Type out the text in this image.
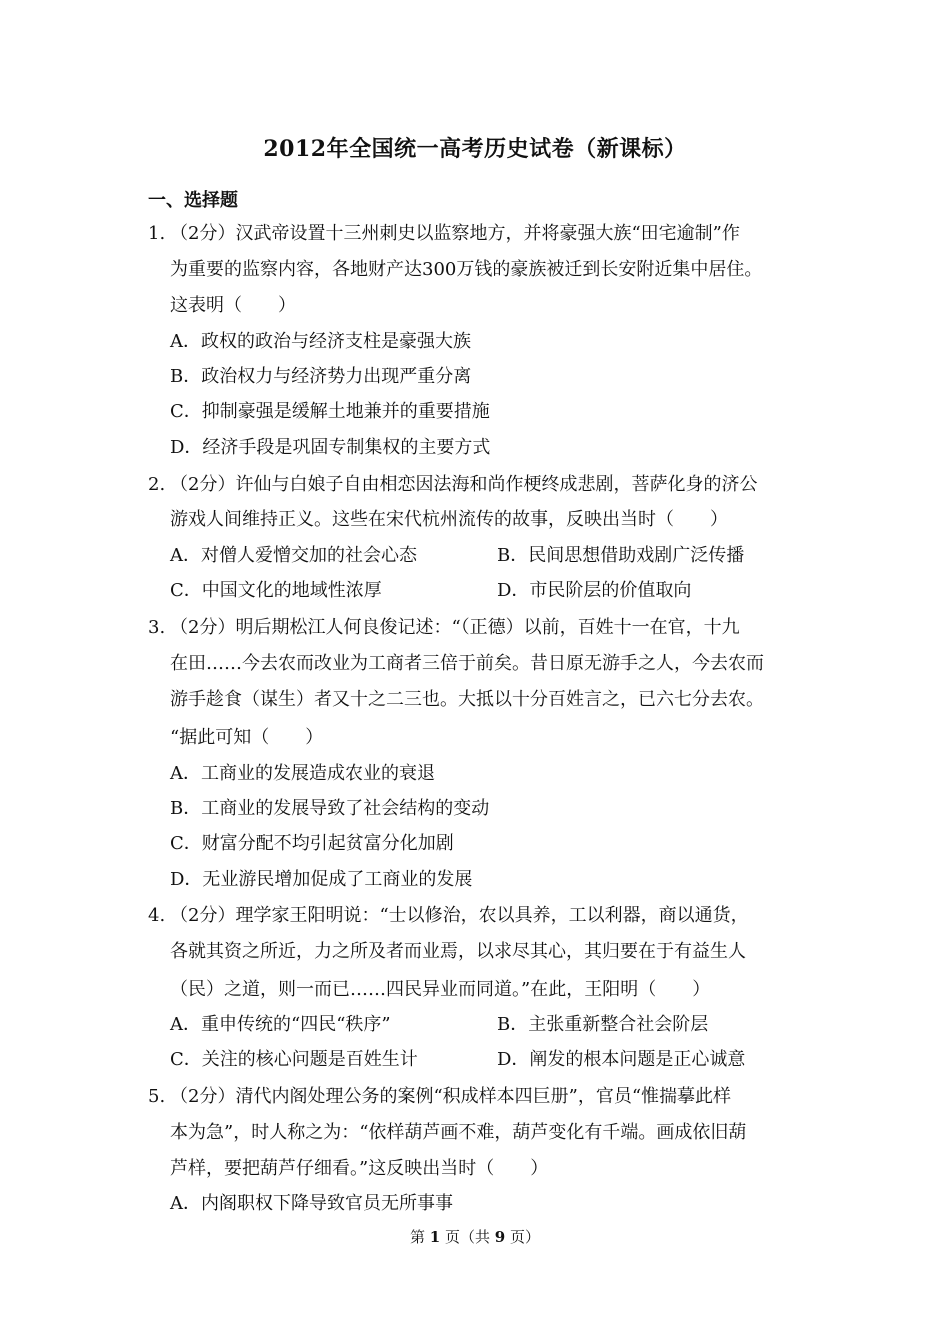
2012年全国统一高考历史试卷（新课标）
一、选择题
1. （2分）汉武帝设置十三州刺史以监察地方，并将豪强大族“田宅逾制”作
为重要的监察内容，各地财产达300万钱的豪族被迁到长安附近集中居住。
这表明（　　）
A．政权的政治与经济支柱是豪强大族
B．政治权力与经济势力出现严重分离
C．抑制豪强是缓解土地兼并的重要措施
D．经济手段是巩固专制集权的主要方式
2. （2分）许仙与白娘子自由相恋因法海和尚作梗终成悲剧，菩萨化身的济公
游戏人间维持正义。这些在宋代杭州流传的故事，反映出当时（　　）
A．对僧人爱憎交加的社会心态	B．民间思想借助戏剧广泛传播
C．中国文化的地域性浓厚	D．市民阶层的价值取向
3. （2分）明后期松江人何良俊记述：“（正德）以前，百姓十一在官，十九
在田……今去农而改业为工商者三倍于前矣。昔日原无游手之人，今去农而
游手趁食（谋生）者又十之二三也。大抵以十分百姓言之，已六七分去农。
“据此可知（　　）
A．工商业的发展造成农业的衰退
B．工商业的发展导致了社会结构的变动
C．财富分配不均引起贫富分化加剧
D．无业游民增加促成了工商业的发展
4. （2分）理学家王阳明说：“士以修治，农以具养，工以利器，商以通货，
各就其资之所近，力之所及者而业焉，以求尽其心，其归要在于有益生人
（民）之道，则一而已……四民异业而同道。”在此，王阳明（　　）
A．重申传统的“四民“秩序”	B．主张重新整合社会阶层
C．关注的核心问题是百姓生计	D．阐发的根本问题是正心诚意
5. （2分）清代内阁处理公务的案例“积成样本四巨册”，官员“惟揣摹此样
本为急”，时人称之为：“依样葫芦画不难，葫芦变化有千端。画成依旧葫
芦样，要把葫芦仔细看。”这反映出当时（　　）
A．内阁职权下降导致官员无所事事
第 1 页（共 9 页）
